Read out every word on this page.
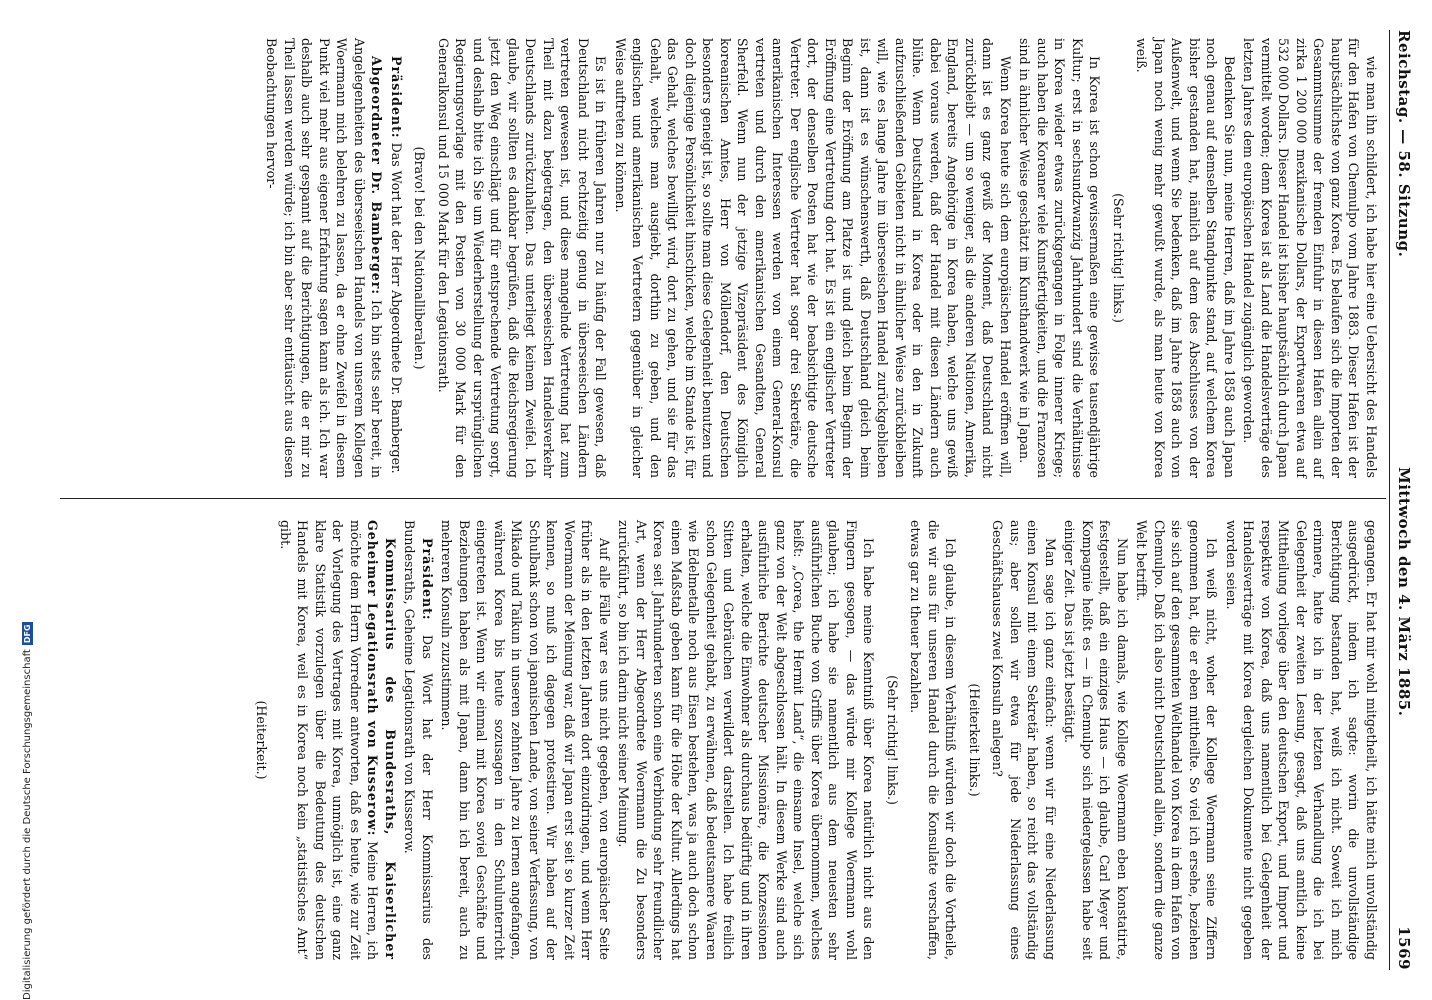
Reichstag. — 58. Sitzung.
Mittwoch den 4. März 1885.
1569

wie man ihn schildert, ich habe hier eine Uebersicht des Handels für den Hafen von Chemulpo vom Jahre 1883. Dieser Hafen ist der hauptsächlichste von ganz Korea. Es belaufen sich die Importen der Gesammtsumme der fremden Einfuhr in diesen Hafen allein auf zirka 1 200 000 mexikanische Dollars, der Exportwaaren etwa auf 532 000 Dollars. Dieser Handel ist bisher hauptsächlich durch Japan vermittelt worden; denn Korea ist als Land die Handelsverträge des letzten Jahres dem europäischen Handel zugänglich geworden.

Bedenken Sie nun, meine Herren, daß im Jahre 1858 auch Japan noch genau auf demselben Standpunkte stand, auf welchem Korea bisher gestanden hat, nämlich auf dem des Abschlusses von der Außenwelt, und wenn Sie bedenken, daß im Jahre 1858 auch von Japan noch wenig mehr gewußt wurde, als man heute von Korea weiß.

(Sehr richtig! links.)

In Korea ist schon gewissermaßen eine gewisse tausendjährige Kultur; erst in sechsundzwanzig Jahrhundert sind die Verhältnisse in Korea wieder etwas zurückgegangen in Folge innerer Kriege; auch haben die Koreaner viele Kunstfertigkeiten, und die Franzosen sind in ähnlicher Weise geschätzt im Kunsthandwerk wie in Japan.

Wenn Korea heute sich dem europäischen Handel eröffnen will, dann ist es ganz gewiß der Moment, daß Deutschland nicht zurückbleibt — um so weniger, als die anderen Nationen, Amerika, England, bereits Angehörige in Korea haben, welche uns gewiß dabei voraus werden, daß der Handel mit diesen Ländern auch blühe. Wenn Deutschland in Korea oder in den in Zukunft aufzuschließenden Gebieten nicht in ähnlicher Weise zurückbleiben will, wie es lange Jahre im überseeischen Handel zurückgeblieben ist, dann ist es wünschenswerth, daß Deutschland gleich beim Beginn der Eröffnung am Platze ist und gleich beim Beginn der Eröffnung eine Vertretung dort hat. Es ist ein englischer Vertreter dort, der denselben Posten hat wie der beabsichtigte deutsche Vertreter. Der englische Vertreter hat sogar drei Sekretäre, die amerikanischen Interessen werden von einem General-Konsul vertreten und durch den amerikanischen Gesandten, General Sherfeld. Wenn nun der jetzige Vizepräsident des Königlich koreanischen Amtes, Herr von Möllendorf, den Deutschen besonders geneigt ist, so sollte man diese Gelegenheit benutzen und doch diejenige Persönlichkeit hinschicken, welche im Stande ist, für das Gehalt, welches bewilligt wird, dort zu gehen, und sie für das Gehalt, welches man ausgiebt, dorthin zu geben, und den englischen und amerikanischen Vertretern gegenüber in gleicher Weise auftreten zu können.

Es ist in früheren Jahren nur zu häufig der Fall gewesen, daß Deutschland nicht rechtzeitig genug in überseeischen Ländern vertreten gewesen ist, und diese mangelnde Vertretung hat zum Theil mit dazu beigetragen, den überseeischen Handelsverkehr Deutschlands zurückzuhalten. Das unterliegt keinem Zweifel. Ich glaube, wir sollten es dankbar begrüßen, daß die Reichsregierung jetzt den Weg einschlägt und für entsprechende Vertretung sorgt, und deshalb bitte ich Sie um Wiederherstellung der ursprünglichen Regierungsvorlage mit den Posten von 30 000 Mark für den Generalkonsul und 15 000 Mark für den Legationsrath.

(Bravo! bei den Nationalliberalen.)

Präsident: Das Wort hat der Herr Abgeordnete Dr. Bamberger.

Abgeordneter Dr. Bamberger: Ich bin stets sehr bereit, in Angelegenheiten des überseeischen Handels von unserem Kollegen Woermann mich belehren zu lassen, da er ohne Zweifel in diesem Punkt viel mehr aus eigener Erfahrung sagen kann als ich. Ich war deshalb auch sehr gespannt auf die Berichtigungen, die er mir zu Theil lassen werden würde; ich bin aber sehr enttäuscht aus diesen Beobachtungen hervor-

gegangen. Er hat mir wohl mitgetheilt, ich hätte mich unvollständig ausgedrückt, indem ich sagte: worin die unvollständige Berichtigung bestanden hat, weiß ich nicht. Soweit ich mich erinnere, hatte ich in der letzten Verhandlung die ich bei Gelegenheit der zweiten Lesung, gesagt, daß uns amtlich keine Mittheilung vorliege über den deutschen Export, und Import und respektive von Korea, daß uns namentlich bei Gelegenheit der Handelsverträge mit Korea dergleichen Dokumente nicht gegeben worden seien.

Ich weiß nicht, woher der Kollege Woermann seine Ziffern genommen hat, die er eben mittheilte. So viel ich ersehe, beziehen sie sich auf den gesammten Welthandel von Korea in dem Hafen von Chemulpo. Daß ich also nicht Deutschland allein, sondern die ganze Welt betrifft.

Nun habe ich damals, wie Kollege Woermann eben konstatirte, festgestellt, daß ein einziges Haus — ich glaube, Carl Meyer und Kompagnie heißt es — in Chemulpo sich niedergelassen habe seit einiger Zeit. Das ist jetzt bestätigt.

Man sage ich ganz einfach: wenn wir für eine Niederlassung einen Konsul mit einem Sekretär haben, so reicht das vollständig aus; aber sollen wir etwa für jede Niederlassung eines Geschäftshauses zwei Konsuln anlegen?

(Heiterkeit links.)

Ich glaube, in diesem Verhältniß würden wir doch die Vortheile, die wir aus für unseren Handel durch die Konsulate verschaffen, etwas gar zu theuer bezahlen.

(Sehr richtig! links.)

Ich habe meine Kenntniß über Korea natürlich nicht aus den Fingern gesogen, — das würde mir Kollege Woermann wohl glauben; ich habe sie namentlich aus dem neuesten sehr ausführlichen Buche von Griffis über Korea übernommen, welches heißt: „Corea, the Hermit Land“, die einsame Insel, welche sich ganz von der Welt abgeschlossen hält. In diesem Werke sind auch ausführliche Berichte deutscher Missionäre, die Konzessionen erhalten, welche die Einwohner als durchaus bedürftig und in ihren Sitten und Gebräuchen verwildert darstellen. Ich habe freilich schon Gelegenheit gehabt, zu erwähnen, daß bedeutsamere Waaren wie Edelmetalle noch aus Eisen bestehen, was ja auch doch schon einen Maßstab geben kann für die Höhe der Kultur. Allerdings hat Korea seit Jahrhunderten schon eine Verbindung sehr freundlicher Art, wenn der Herr Abgeordnete Woermann die Zu besonders zurückführt, so bin ich darin nicht seiner Meinung.

Auf alle Fälle war es uns nicht gegeben, von europäischer Seite früher als in den letzten Jahren dort einzudringen, und wenn Herr Woermann der Meinung war, daß wir Japan erst seit so kurzer Zeit kennen, so muß ich dagegen protestiren. Wir haben auf der Schulbank schon von japanischen Lande, von seiner Verfassung, von Mikado und Taikun in unseren zehnten Jahre zu lernen angefangen, während Korea bis heute sozusagen in den Schulunterricht eingetreten ist. Wenn wir einmal mit Korea soviel Geschäfte und Beziehungen haben als mit Japan, dann bin ich bereit, auch zu mehreren Konsuln zuzustimmen.

Präsident: Das Wort hat der Herr Kommissarius des Bundesraths, Geheime Legationsrath von Kusserow.

Kommissarius des Bundesraths, Kaiserlicher Geheimer Legationsrath von Kusserow: Meine Herren, ich möchte dem Herrn Vorredner antworten, daß es heute, wie zur Zeit der Vorlegung des Vertrages mit Korea, unmöglich ist, eine ganz klare Statistik vorzulegen über die Bedeutung des deutschen Handels mit Korea, weil es in Korea noch kein „statistisches Amt“ gibt.

(Heiterkeit.)

Digitalisierung gefördert durch die Deutsche Forschungsgemeinschaft
DFG
